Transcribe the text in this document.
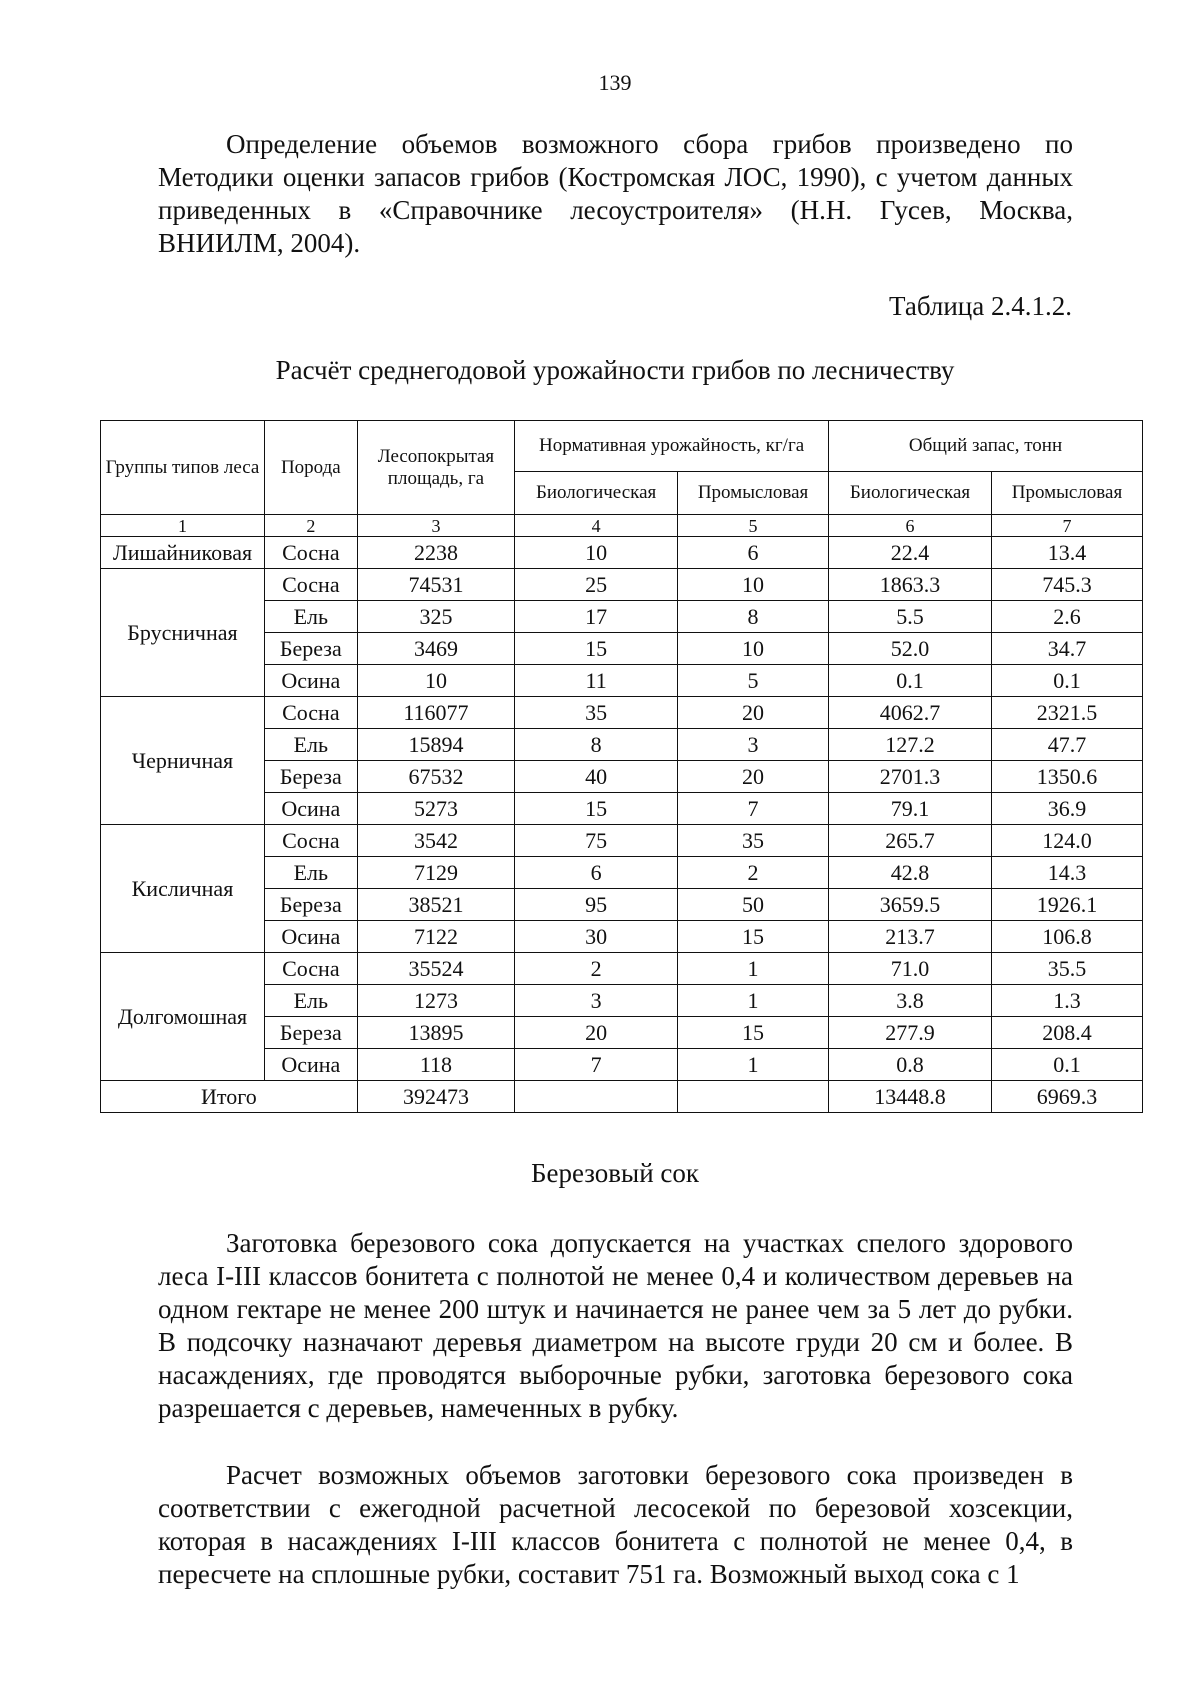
139

Определение объемов возможного сбора грибов произведено по Методики оценки запасов грибов (Костромская ЛОС, 1990), с учетом данных приведенных в «Справочнике лесоустроителя» (Н.Н. Гусев, Москва, ВНИИЛМ, 2004).

Таблица 2.4.1.2.
Расчёт среднегодовой урожайности грибов по лесничеству
Группы типов леса	Порода	Лесопокрытая площадь, га	Нормативная урожайность, кг/га		Общий запас, тонн	
			Биологическая	Промысловая	Биологическая	Промысловая
1	2	3	4	5	6	7
Лишайниковая	Сосна	2238	10	6	22.4	13.4
Брусничная	Сосна	74531	25	10	1863.3	745.3
	Ель	325	17	8	5.5	2.6
	Береза	3469	15	10	52.0	34.7
	Осина	10	11	5	0.1	0.1
Черничная	Сосна	116077	35	20	4062.7	2321.5
	Ель	15894	8	3	127.2	47.7
	Береза	67532	40	20	2701.3	1350.6
	Осина	5273	15	7	79.1	36.9
Кисличная	Сосна	3542	75	35	265.7	124.0
	Ель	7129	6	2	42.8	14.3
	Береза	38521	95	50	3659.5	1926.1
	Осина	7122	30	15	213.7	106.8
Долгомошная	Сосна	35524	2	1	71.0	35.5
	Ель	1273	3	1	3.8	1.3
	Береза	13895	20	15	277.9	208.4
	Осина	118	7	1	0.8	0.1
Итого		392473			13448.8	6969.3
Березовый сок

Заготовка березового сока допускается на участках спелого здорового леса I-III классов бонитета с полнотой не менее 0,4 и количеством деревьев на одном гектаре не менее 200 штук и начинается не ранее чем за 5 лет до рубки. В подсочку назначают деревья диаметром на высоте груди 20 см и более. В насаждениях, где проводятся выборочные рубки, заготовка березового сока разрешается с деревьев, намеченных в рубку.

Расчет возможных объемов заготовки березового сока произведен в соответствии с ежегодной расчетной лесосекой по березовой хозсекции, которая в насаждениях I-III классов бонитета с полнотой не менее 0,4, в пересчете на сплошные рубки, составит 751 га. Возможный выход сока с 1
